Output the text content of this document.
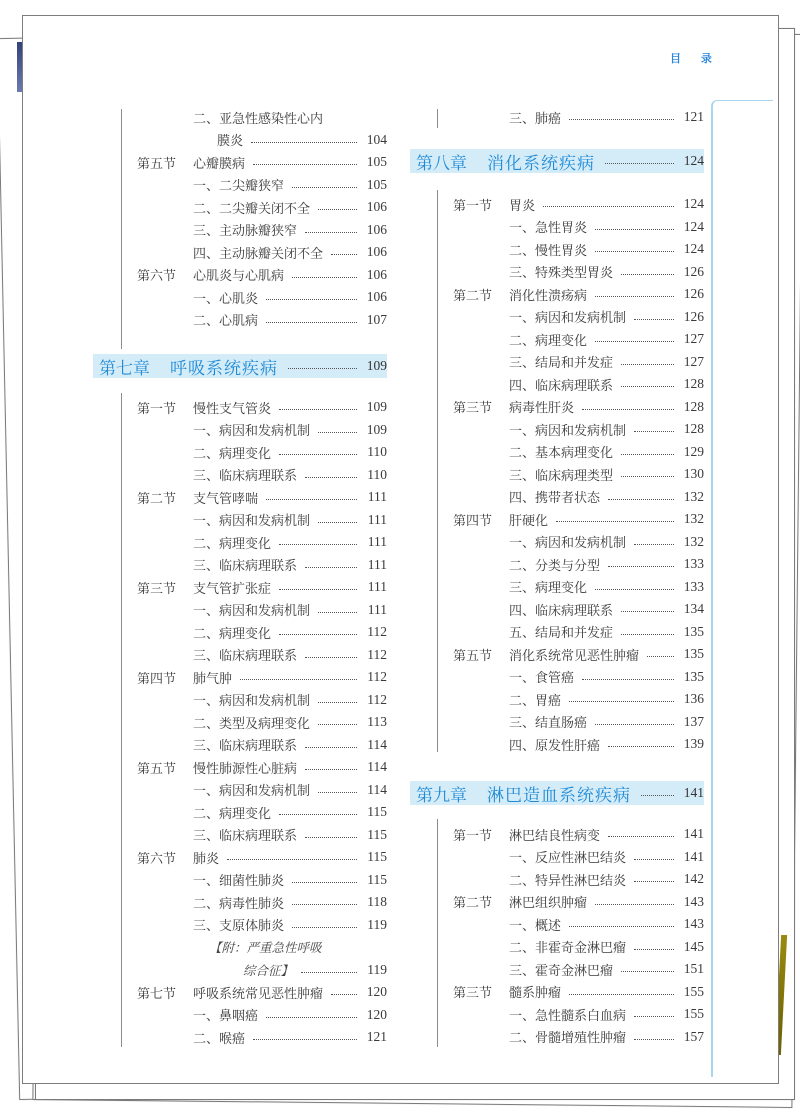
目 录
二、亚急性感染性心内
膜炎	104
第五节	心瓣膜病	105
一、二尖瓣狭窄	105
二、二尖瓣关闭不全	106
三、主动脉瓣狭窄	106
四、主动脉瓣关闭不全	106
第六节	心肌炎与心肌病	106
一、心肌炎	106
二、心肌病	107
第一节	慢性支气管炎	109
一、病因和发病机制	109
二、病理变化	110
三、临床病理联系	110
第二节	支气管哮喘	111
一、病因和发病机制	111
二、病理变化	111
三、临床病理联系	111
第三节	支气管扩张症	111
一、病因和发病机制	111
二、病理变化	112
三、临床病理联系	112
第四节	肺气肿	112
一、病因和发病机制	112
二、类型及病理变化	113
三、临床病理联系	114
第五节	慢性肺源性心脏病	114
一、病因和发病机制	114
二、病理变化	115
三、临床病理联系	115
第六节	肺炎	115
一、细菌性肺炎	115
二、病毒性肺炎	118
三、支原体肺炎	119
【附：严重急性呼吸
综合征】	119
第七节	呼吸系统常见恶性肿瘤	120
一、鼻咽癌	120
二、喉癌	121
第七章 呼吸系统疾病	109
三、肺癌	121
第一节	胃炎	124
一、急性胃炎	124
二、慢性胃炎	124
三、特殊类型胃炎	126
第二节	消化性溃疡病	126
一、病因和发病机制	126
二、病理变化	127
三、结局和并发症	127
四、临床病理联系	128
第三节	病毒性肝炎	128
一、病因和发病机制	128
二、基本病理变化	129
三、临床病理类型	130
四、携带者状态	132
第四节	肝硬化	132
一、病因和发病机制	132
二、分类与分型	133
三、病理变化	133
四、临床病理联系	134
五、结局和并发症	135
第五节	消化系统常见恶性肿瘤	135
一、食管癌	135
二、胃癌	136
三、结直肠癌	137
四、原发性肝癌	139
第一节	淋巴结良性病变	141
一、反应性淋巴结炎	141
二、特异性淋巴结炎	142
第二节	淋巴组织肿瘤	143
一、概述	143
二、非霍奇金淋巴瘤	145
三、霍奇金淋巴瘤	151
第三节	髓系肿瘤	155
一、急性髓系白血病	155
二、骨髓增殖性肿瘤	157
第八章 消化系统疾病	124
第九章 淋巴造血系统疾病	141
